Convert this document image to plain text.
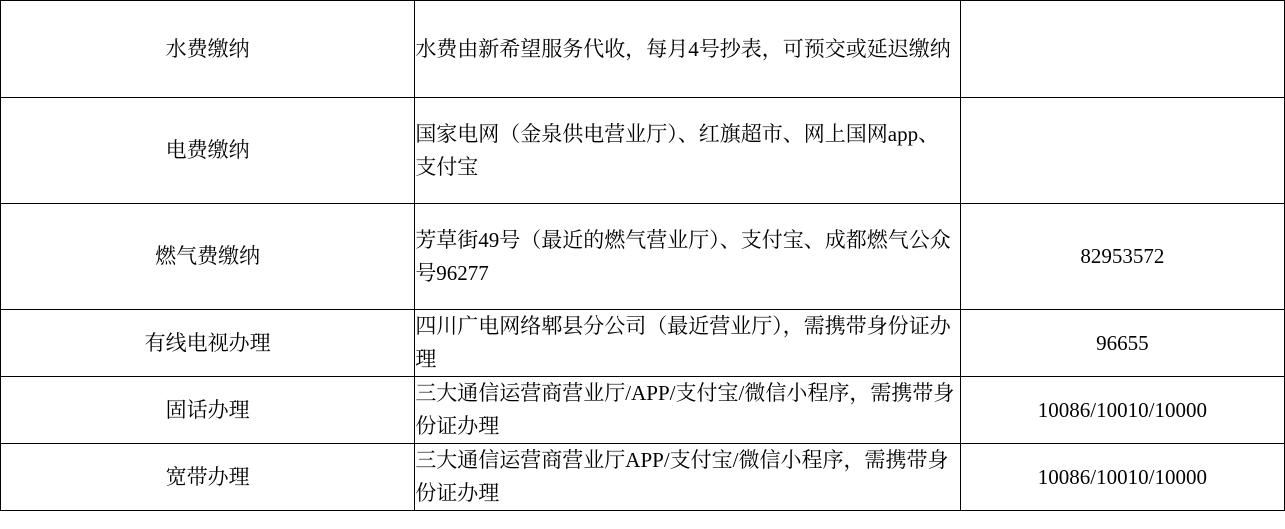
水费缴纳	水费由新希望服务代收，每月4号抄表，可预交或延迟缴纳	
电费缴纳	国家电网（金泉供电营业厅）、红旗超市、网上国网app、支付宝	
燃气费缴纳	芳草街49号（最近的燃气营业厅）、支付宝、成都燃气公众号96277	82953572
有线电视办理	四川广电网络郫县分公司（最近营业厅），需携带身份证办理	96655
固话办理	三大通信运营商营业厅/APP/支付宝/微信小程序，需携带身份证办理	10086/10010/10000
宽带办理	三大通信运营商营业厅APP/支付宝/微信小程序，需携带身份证办理	10086/10010/10000
